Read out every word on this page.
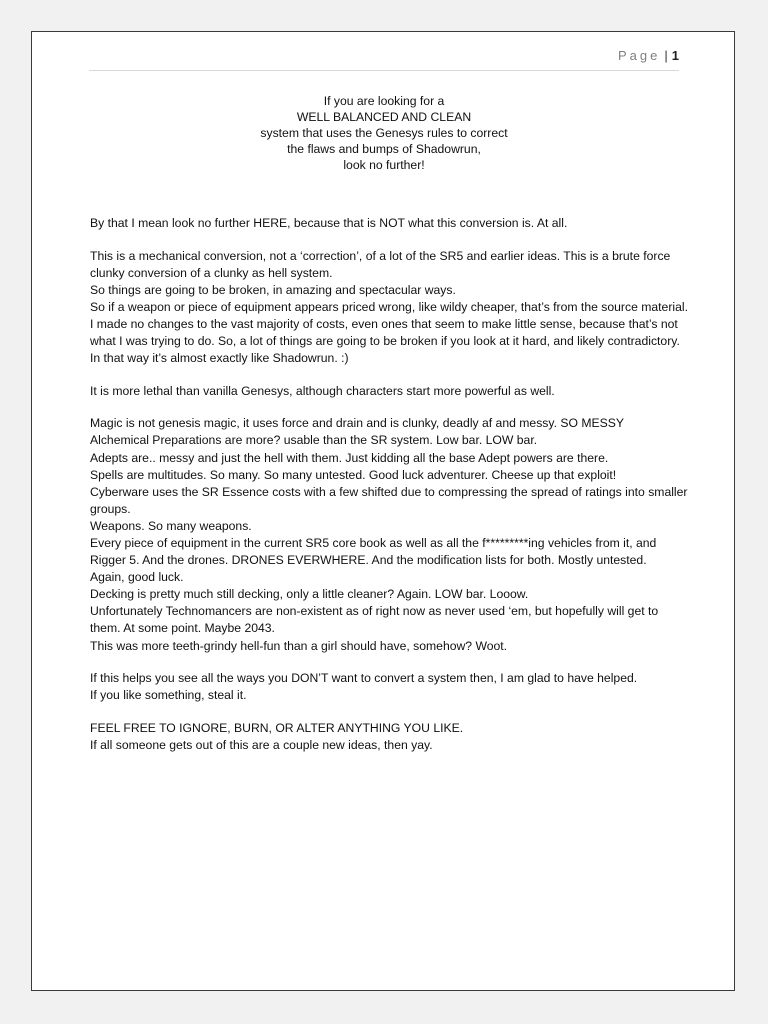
Page | 1
If you are looking for a
WELL BALANCED AND CLEAN
system that uses the Genesys rules to correct
the flaws and bumps of Shadowrun,
look no further!

By that I mean look no further HERE, because that is NOT what this conversion is. At all.

This is a mechanical conversion, not a ‘correction’, of a lot of the SR5 and earlier ideas. This is a brute force clunky conversion of a clunky as hell system.
So things are going to be broken, in amazing and spectacular ways.
So if a weapon or piece of equipment appears priced wrong, like wildy cheaper, that’s from the source material. I made no changes to the vast majority of costs, even ones that seem to make little sense, because that’s not what I was trying to do. So, a lot of things are going to be broken if you look at it hard, and likely contradictory.
In that way it’s almost exactly like Shadowrun. :)

It is more lethal than vanilla Genesys, although characters start more powerful as well.

Magic is not genesis magic, it uses force and drain and is clunky, deadly af and messy. SO MESSY
Alchemical Preparations are more? usable than the SR system. Low bar. LOW bar.
Adepts are.. messy and just the hell with them. Just kidding all the base Adept powers are there.
Spells are multitudes. So many. So many untested. Good luck adventurer. Cheese up that exploit!
Cyberware uses the SR Essence costs with a few shifted due to compressing the spread of ratings into smaller groups.
Weapons. So many weapons.
Every piece of equipment in the current SR5 core book as well as all the f*********ing vehicles from it, and Rigger 5. And the drones. DRONES EVERWHERE. And the modification lists for both. Mostly untested.
Again, good luck.
Decking is pretty much still decking, only a little cleaner? Again. LOW bar. Looow.
Unfortunately Technomancers are non-existent as of right now as never used ‘em, but hopefully will get to them. At some point. Maybe 2043.
This was more teeth-grindy hell-fun than a girl should have, somehow? Woot.

If this helps you see all the ways you DON’T want to convert a system then, I am glad to have helped.
If you like something, steal it.

FEEL FREE TO IGNORE, BURN, OR ALTER ANYTHING YOU LIKE.
If all someone gets out of this are a couple new ideas, then yay.
